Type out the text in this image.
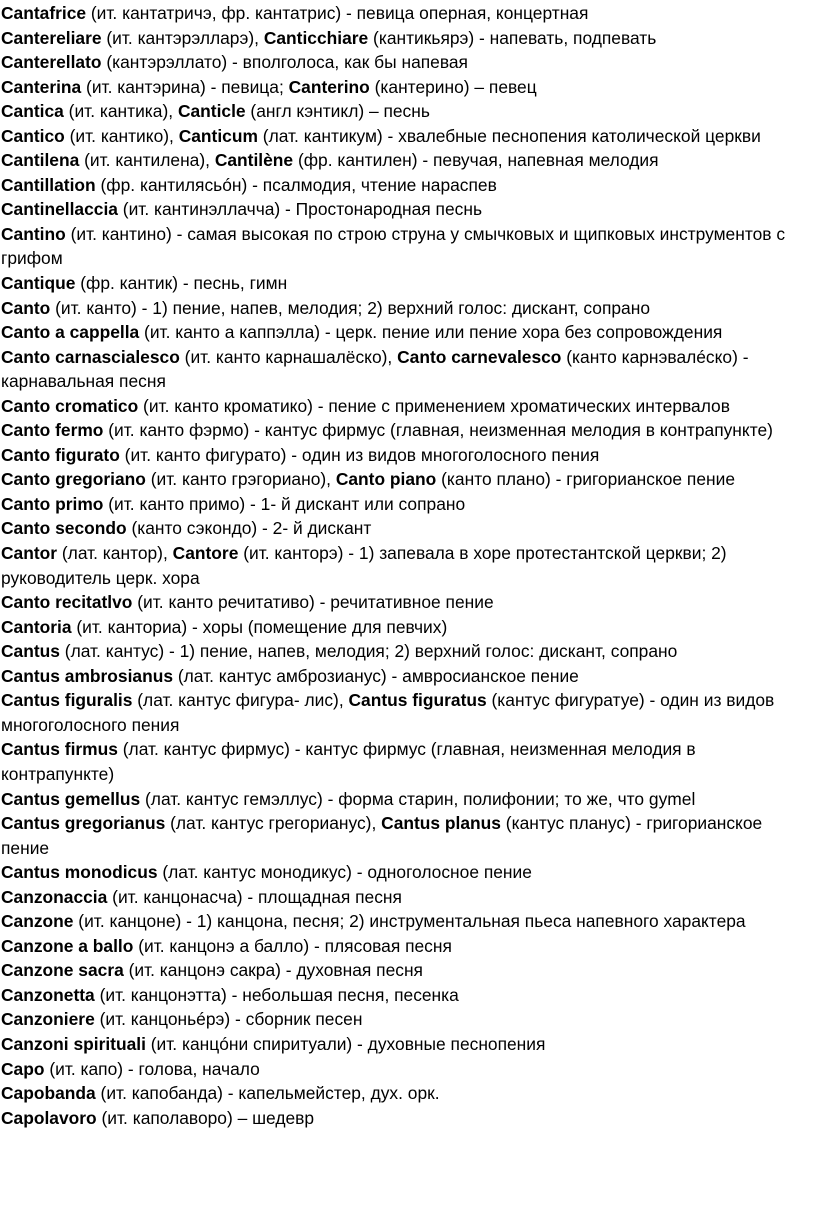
Cantafrice (ит. кантатричэ, фр. кантатрис) - певица оперная, концертная

Cantereliare (ит. кантэрэлларэ), Canticchiare (кантикьярэ) - напевать, подпевать

Canterellato (кантэрэллато) - вполголоса, как бы напевая

Canterina (ит. кантэрина) - певица; Canterino (кантерино) – певец

Cantica (ит. кантика), Canticle (англ кэнтикл) – песнь

Cantico (ит. кантико), Canticum (лат. кантикум) - хвалебные песнопения католической церкви

Cantilena (ит. кантилена), Cantilène (фр. кантилен) - певучая, напевная мелодия

Cantillation (фр. кантилясьóн) - псалмодия, чтение нараспев

Cantinellaccia (ит. кантинэллачча) - Простонародная песнь

Cantino (ит. кантино) - самая высокая по строю струна у смычковых и щипковых инструментов с грифом

Cantique (фр. кантик) - песнь, гимн

Canto (ит. канто) - 1) пение, напев, мелодия; 2) верхний голос: дискант, сопрано

Canto a cappella (ит. канто а каппэлла) - церк. пение или пение хора без сопровождения

Canto carnascialesco (ит. канто карнашалёско), Canto carnevalesco (канто карнэвалéско) - карнавальная песня

Canto cromatico (ит. канто кроматико) - пение с применением хроматических интервалов

Canto fermo (ит. канто фэрмо) - кантус фирмус (главная, неизменная мелодия в контрапункте)

Canto figurato (ит. канто фигурато) - один из видов многоголосного пения

Canto gregoriano (ит. канто грэгориано), Canto piano (канто плано) - григорианское пение

Canto primo (ит. канто примо) - 1- й дискант или сопрано

Canto secondo (канто сэкондо) - 2- й дискант

Cantor (лат. кантор), Cantore (ит. канторэ) - 1) запевала в хоре протестантской церкви; 2) руководитель церк. хора

Canto recitatlvo (ит. канто речитативо) - речитативное пение

Cantoria (ит. канториа) - хоры (помещение для певчих)

Cantus (лат. кантус) - 1) пение, напев, мелодия; 2) верхний голос: дискант, сопрано

Cantus ambrosianus (лат. кантус амброзианус) - амвросианское пение

Cantus figuralis (лат. кантус фигура- лис), Cantus figuratus (кантус фигуратуе) - один из видов многоголосного пения

Cantus firmus (лат. кантус фирмус) - кантус фирмус (главная, неизменная мелодия в контрапункте)

Cantus gemellus (лат. кантус гемэллус) - форма старин, полифонии; то же, что gymel

Cantus gregorianus (лат. кантус грегорианус), Cantus planus (кантус планус) - григорианское пение

Cantus monodicus (лат. кантус монодикус) - одноголосное пение

Canzonaccia (ит. канцонacча) - площадная песня

Canzone (ит. канцоне) - 1) канцона, песня; 2) инструментальная пьеса напевного характера

Canzone a ballo (ит. канцонэ а балло) - плясовая песня

Canzone sacra (ит. канцонэ сакра) - духовная песня

Canzonetta (ит. канцонэтта) - небольшая песня, песенка

Canzoniere (ит. канцоньéрэ) - сборник песен

Canzoni spirituali (ит. канцóни спиритуали) - духовные песнопения

Capo (ит. капо) - голова, начало

Capobanda (ит. капобанда) - капельмейстер, дух. орк.

Capolavoro (ит. каполаворо) – шедевр
